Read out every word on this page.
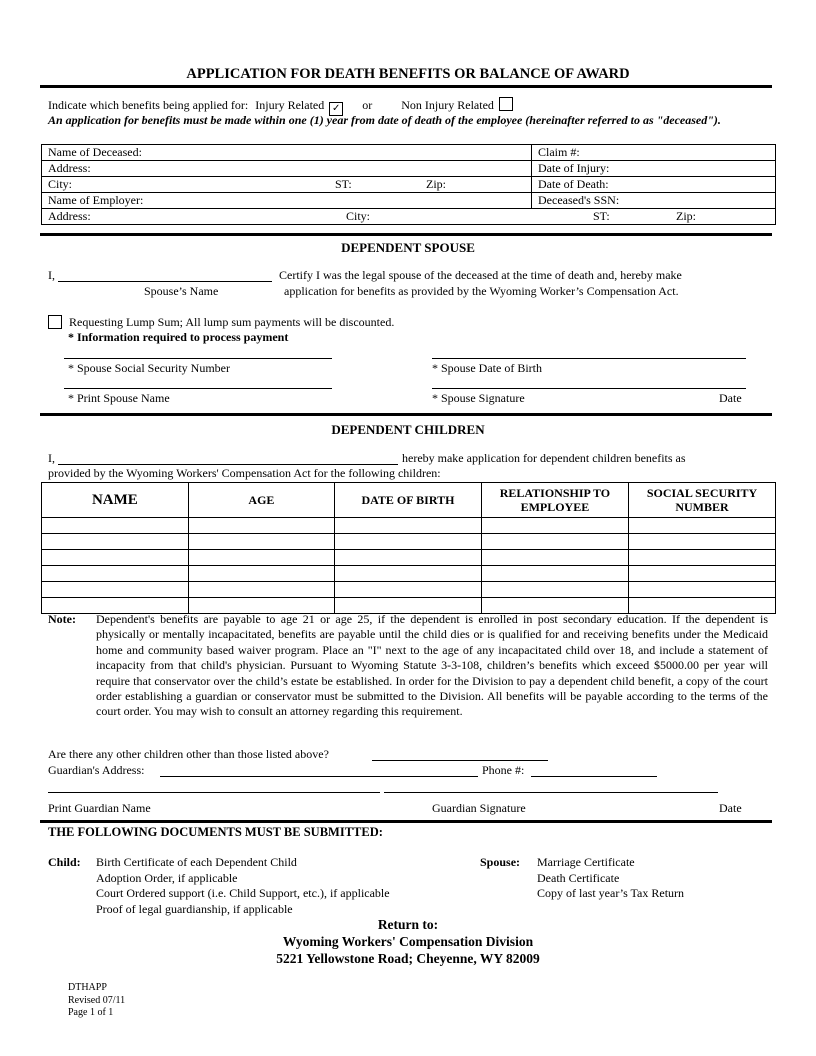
APPLICATION FOR DEATH BENEFITS OR BALANCE OF AWARD
Indicate which benefits being applied for: Injury Related ✓ or Non Injury Related
An application for benefits must be made within one (1) year from date of death of the employee (hereinafter referred to as "deceased").
Name of Deceased:	Claim #:
Address:	Date of Injury:
City: ST: Zip:	Date of Death:
Name of Employer:	Deceased's SSN:
Address: City: ST: Zip:	
DEPENDENT SPOUSE
I,	Certify I was the legal spouse of the deceased at the time of death and, hereby make
Spouse’s Name	application for benefits as provided by the Wyoming Worker’s Compensation Act.
Requesting Lump Sum; All lump sum payments will be discounted.
* Information required to process payment
* Spouse Social Security Number	* Spouse Date of Birth
* Print Spouse Name	* Spouse Signature	Date
DEPENDENT CHILDREN
I,	hereby make application for dependent children benefits as
provided by the Wyoming Workers' Compensation Act for the following children:
NAME	AGE	DATE OF BIRTH	RELATIONSHIP TO EMPLOYEE	SOCIAL SECURITY NUMBER

Note: Dependent's benefits are payable to age 21 or age 25, if the dependent is enrolled in post secondary education. If the dependent is physically or mentally incapacitated, benefits are payable until the child dies or is qualified for and receiving benefits under the Medicaid home and community based waiver program. Place an "I" next to the age of any incapacitated child over 18, and include a statement of incapacity from that child's physician. Pursuant to Wyoming Statute 3-3-108, children’s benefits which exceed $5000.00 per year will require that conservator over the child’s estate be established. In order for the Division to pay a dependent child benefit, a copy of the court order establishing a guardian or conservator must be submitted to the Division. All benefits will be payable according to the terms of the court order. You may wish to consult an attorney regarding this requirement.
Are there any other children other than those listed above?
Guardian's Address:	Phone #:
Print Guardian Name	Guardian Signature	Date
THE FOLLOWING DOCUMENTS MUST BE SUBMITTED:
Child: Birth Certificate of each Dependent Child
Adoption Order, if applicable
Court Ordered support (i.e. Child Support, etc.), if applicable
Proof of legal guardianship, if applicable
Spouse: Marriage Certificate
Death Certificate
Copy of last year’s Tax Return
Return to:
Wyoming Workers' Compensation Division
5221 Yellowstone Road; Cheyenne, WY 82009
DTHAPP
Revised 07/11
Page 1 of 1
